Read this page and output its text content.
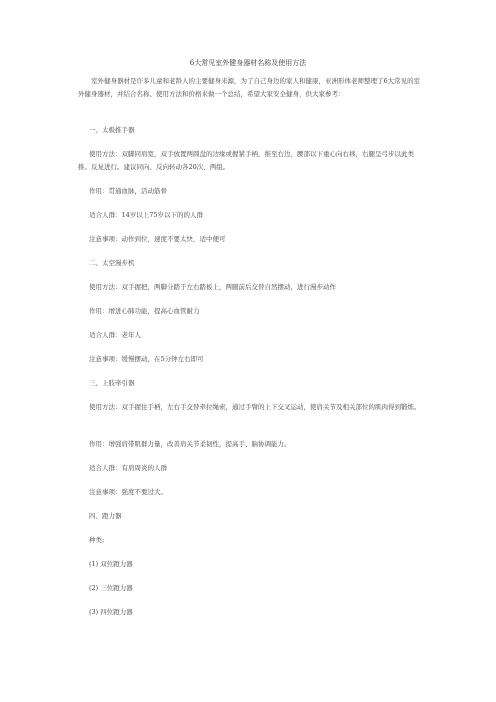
6大常见室外健身器材名称及使用方法

室外健身器材是许多儿童和老龄人的主要健身来源，为了自己身边的家人和健康，亚洲形体老师整理了6大常见的室外健身器材，并结合名称、使用方法和价格来做一个总结，希望大家安全健身，供大家参考：

一、太极推手器

使用方法：双脚同肩宽，双手放置两圆盘的边缘或握紧手柄，推至右边，腰部以下重心向右移，右腿呈弓步以此类推。反复进行。建议同向、反向转动各20次，两组。

作用：贯通血脉，活动筋骨

适合人群：14岁以上75岁以下的的人群

注意事项：动作到位，速度不要太快，适中便可

二、太空漫步机

使用方法：双手握把，两脚分踏于左右踏板上，两腿前后交替自然摆动，进行漫步动作

作用：增进心肺功能，提高心血管耐力

适合人群：老年人

注意事项：缓慢摆动，在5分钟左右即可

三、上肢牵引器

使用方法：双手握住手柄，左右手交替牵拉绳索，通过手臂的上下交叉运动，使肩关节及相关部位的肌肉得到锻炼。

作用：增强肩带肌群力量，改善肩关节柔韧性，提高手、脑协调能力。

适合人群：有肩周炎的人群

注意事项：强度不要过大。

四、蹬力器

种类:

(1) 双位蹬力器

(2) 三位蹬力器

(3) 四位蹬力器
